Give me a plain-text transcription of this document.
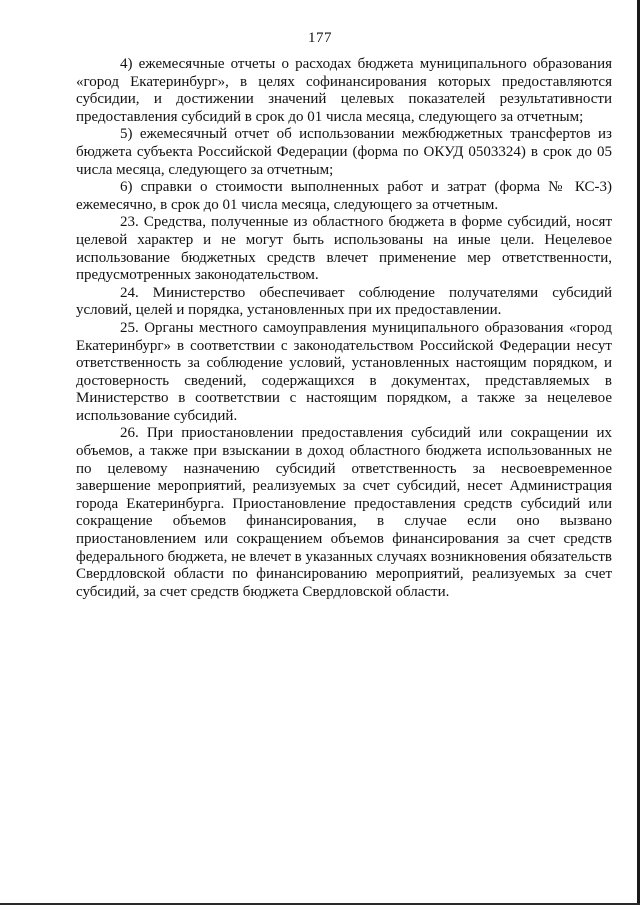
177

4) ежемесячные отчеты о расходах бюджета муниципального образования «город Екатеринбург», в целях софинансирования которых предоставляются субсидии, и достижении значений целевых показателей результативности предоставления субсидий в срок до 01 числа месяца, следующего за отчетным;

5) ежемесячный отчет об использовании межбюджетных трансфертов из бюджета субъекта Российской Федерации (форма по ОКУД 0503324) в срок до 05 числа месяца, следующего за отчетным;

6) справки о стоимости выполненных работ и затрат (форма № КС-3) ежемесячно, в срок до 01 числа месяца, следующего за отчетным.

23. Средства, полученные из областного бюджета в форме субсидий, носят целевой характер и не могут быть использованы на иные цели. Нецелевое использование бюджетных средств влечет применение мер ответственности, предусмотренных законодательством.

24. Министерство обеспечивает соблюдение получателями субсидий условий, целей и порядка, установленных при их предоставлении.

25. Органы местного самоуправления муниципального образования «город Екатеринбург» в соответствии с законодательством Российской Федерации несут ответственность за соблюдение условий, установленных настоящим порядком, и достоверность сведений, содержащихся в документах, представляемых в Министерство в соответствии с настоящим порядком, а также за нецелевое использование субсидий.

26. При приостановлении предоставления субсидий или сокращении их объемов, а также при взыскании в доход областного бюджета использованных не по целевому назначению субсидий ответственность за несвоевременное завершение мероприятий, реализуемых за счет субсидий, несет Администрация города Екатеринбурга. Приостановление предоставления средств субсидий или сокращение объемов финансирования, в случае если оно вызвано приостановлением или сокращением объемов финансирования за счет средств федерального бюджета, не влечет в указанных случаях возникновения обязательств Свердловской области по финансированию мероприятий, реализуемых за счет субсидий, за счет средств бюджета Свердловской области.
